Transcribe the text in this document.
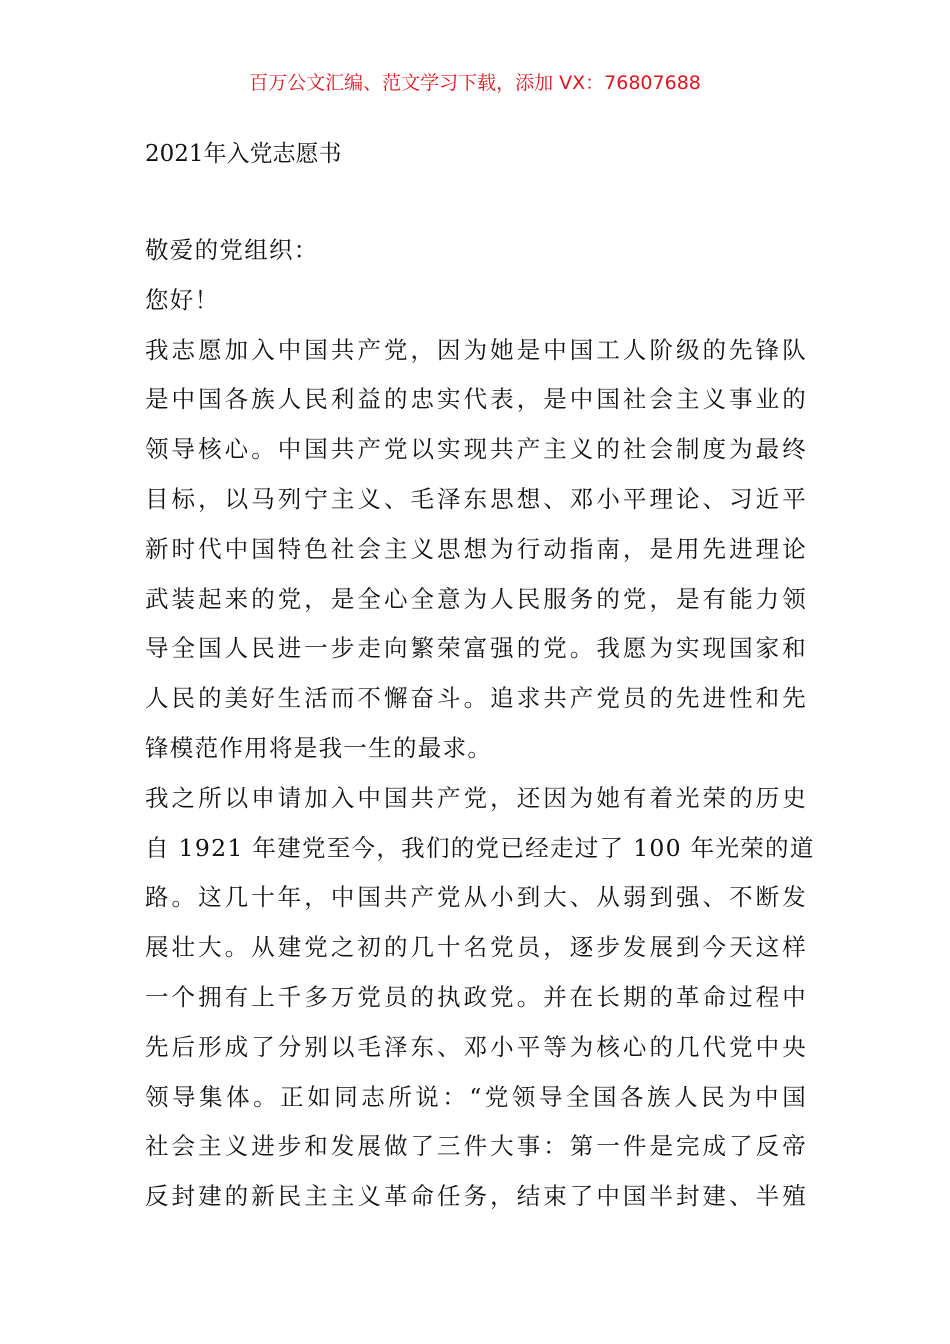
百万公文汇编、范文学习下载，添加 VX：76807688
2021年入党志愿书
敬爱的党组织：
您好！
我志愿加入中国共产党，因为她是中国工人阶级的先锋队
是中国各族人民利益的忠实代表，是中国社会主义事业的
领导核心。中国共产党以实现共产主义的社会制度为最终
目标，以马列宁主义、毛泽东思想、邓小平理论、习近平
新时代中国特色社会主义思想为行动指南，是用先进理论
武装起来的党，是全心全意为人民服务的党，是有能力领
导全国人民进一步走向繁荣富强的党。我愿为实现国家和
人民的美好生活而不懈奋斗。追求共产党员的先进性和先
锋模范作用将是我一生的最求。
我之所以申请加入中国共产党，还因为她有着光荣的历史
自 1921 年建党至今，我们的党已经走过了 100 年光荣的道
路。这几十年，中国共产党从小到大、从弱到强、不断发
展壮大。从建党之初的几十名党员，逐步发展到今天这样
一个拥有上千多万党员的执政党。并在长期的革命过程中
先后形成了分别以毛泽东、邓小平等为核心的几代党中央
领导集体。正如同志所说：“党领导全国各族人民为中国
社会主义进步和发展做了三件大事：第一件是完成了反帝
反封建的新民主主义革命任务，结束了中国半封建、半殖
